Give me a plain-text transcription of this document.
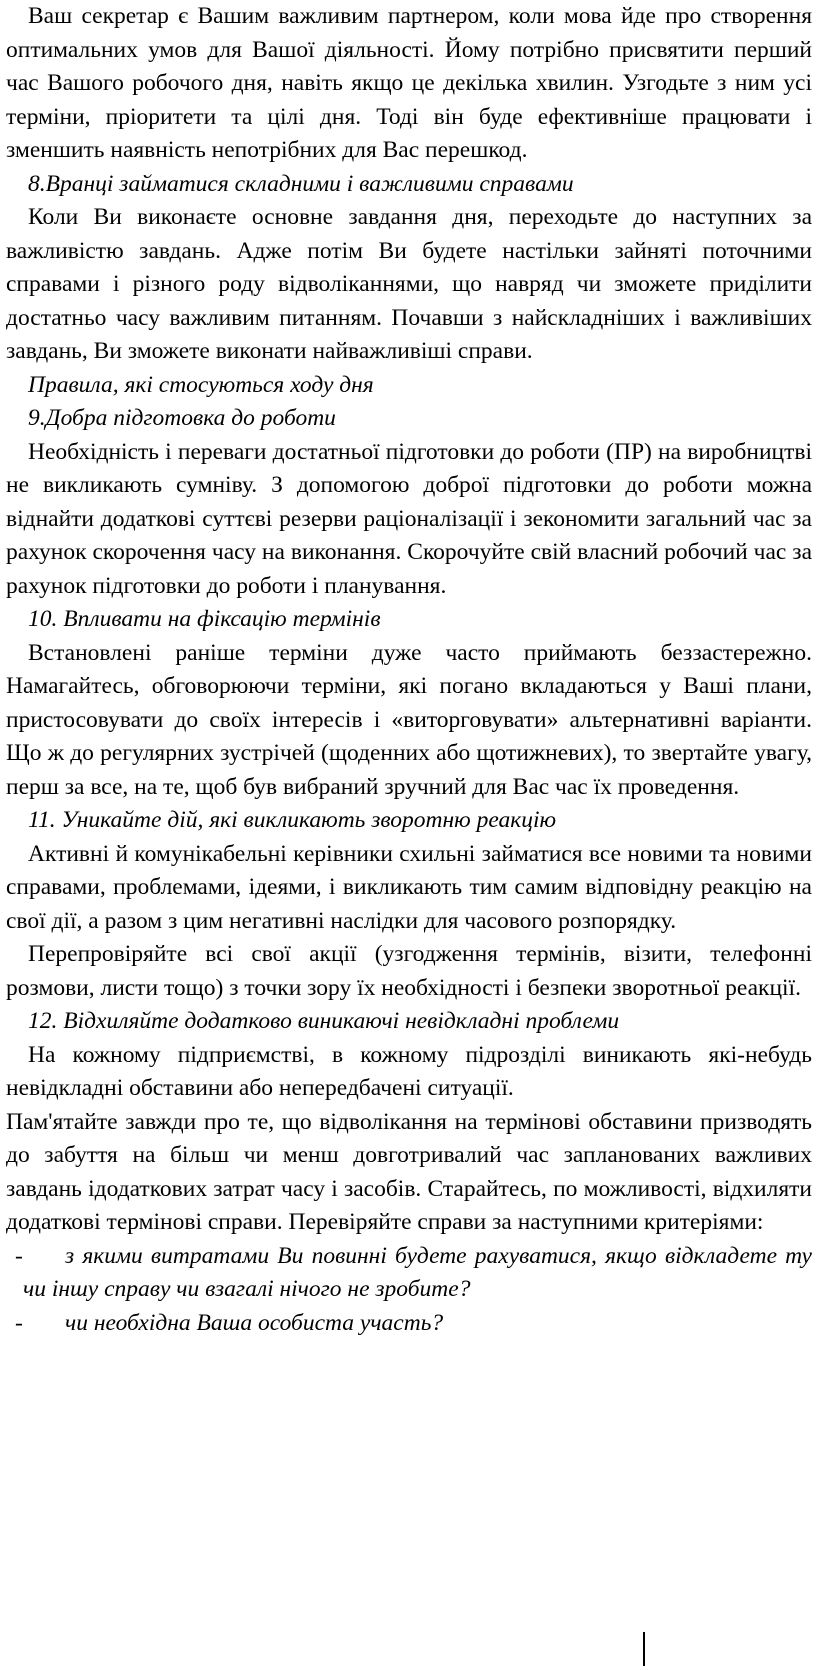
Ваш секретар є Вашим важливим партнером, коли мова йде про створення оптимальних умов для Вашої діяльності. Йому потрібно присвятити перший час Вашого робочого дня, навіть якщо це декілька хвилин. Узгодьте з ним усі терміни, пріоритети та цілі дня. Тоді він буде ефективніше працювати і зменшить наявність непотрібних для Вас перешкод.

8.Вранці займатися складними і важливими справами

Коли Ви виконаєте основне завдання дня, переходьте до наступних за важливістю завдань. Адже потім Ви будете настільки зайняті поточними справами і різного роду відволіканнями, що навряд чи зможете приділити достатньо часу важливим питанням. Почавши з найскладніших і важливіших завдань, Ви зможете виконати найважливіші справи.

Правила, які стосуються ходу дня

9.Добра підготовка до роботи

Необхідність і переваги достатньої підготовки до роботи (ПР) на виробництві не викликають сумніву. З допомогою доброї підготовки до роботи можна віднайти додаткові суттєві резерви раціоналізації і зекономити загальний час за рахунок скорочення часу на виконання. Скорочуйте свій власний робочий час за рахунок підготовки до роботи і планування.

10. Впливати на фіксацію термінів

Встановлені раніше терміни дуже часто приймають беззастережно. Намагайтесь, обговорюючи терміни, які погано вкладаються у Ваші плани, пристосовувати до своїх інтересів і «виторговувати» альтернативні варіанти. Що ж до регулярних зустрічей (щоденних або щотижневих), то звертайте увагу, перш за все, на те, щоб був вибраний зручний для Вас час їх проведення.

11. Уникайте дій, які викликають зворотню реакцію

Активні й комунікабельні керівники схильні займатися все новими та новими справами, проблемами, ідеями, і викликають тим самим відповідну реакцію на свої дії, а разом з цим негативні наслідки для часового розпорядку.

Перепровіряйте всі свої акції (узгодження термінів, візити, телефонні розмови, листи тощо) з точки зору їх необхідності і безпеки зворотньої реакції.

12. Відхиляйте додатково виникаючі невідкладні проблеми

На кожному підприємстві, в кожному підрозділі виникають які-небудь невідкладні обставини або непередбачені ситуації.

Пам'ятайте завжди про те, що відволікання на термінові обставини призводять до забуття на більш чи менш довготривалий час запланованих важливих завдань ідодаткових затрат часу і засобів. Старайтесь, по можливості, відхиляти додаткові термінові справи. Перевіряйте справи за наступними критеріями:

-	з якими витратами Ви повинні будете рахуватися, якщо відкладете ту чи іншу справу чи взагалі нічого не зробите?
-	чи необхідна Ваша особиста участь?
